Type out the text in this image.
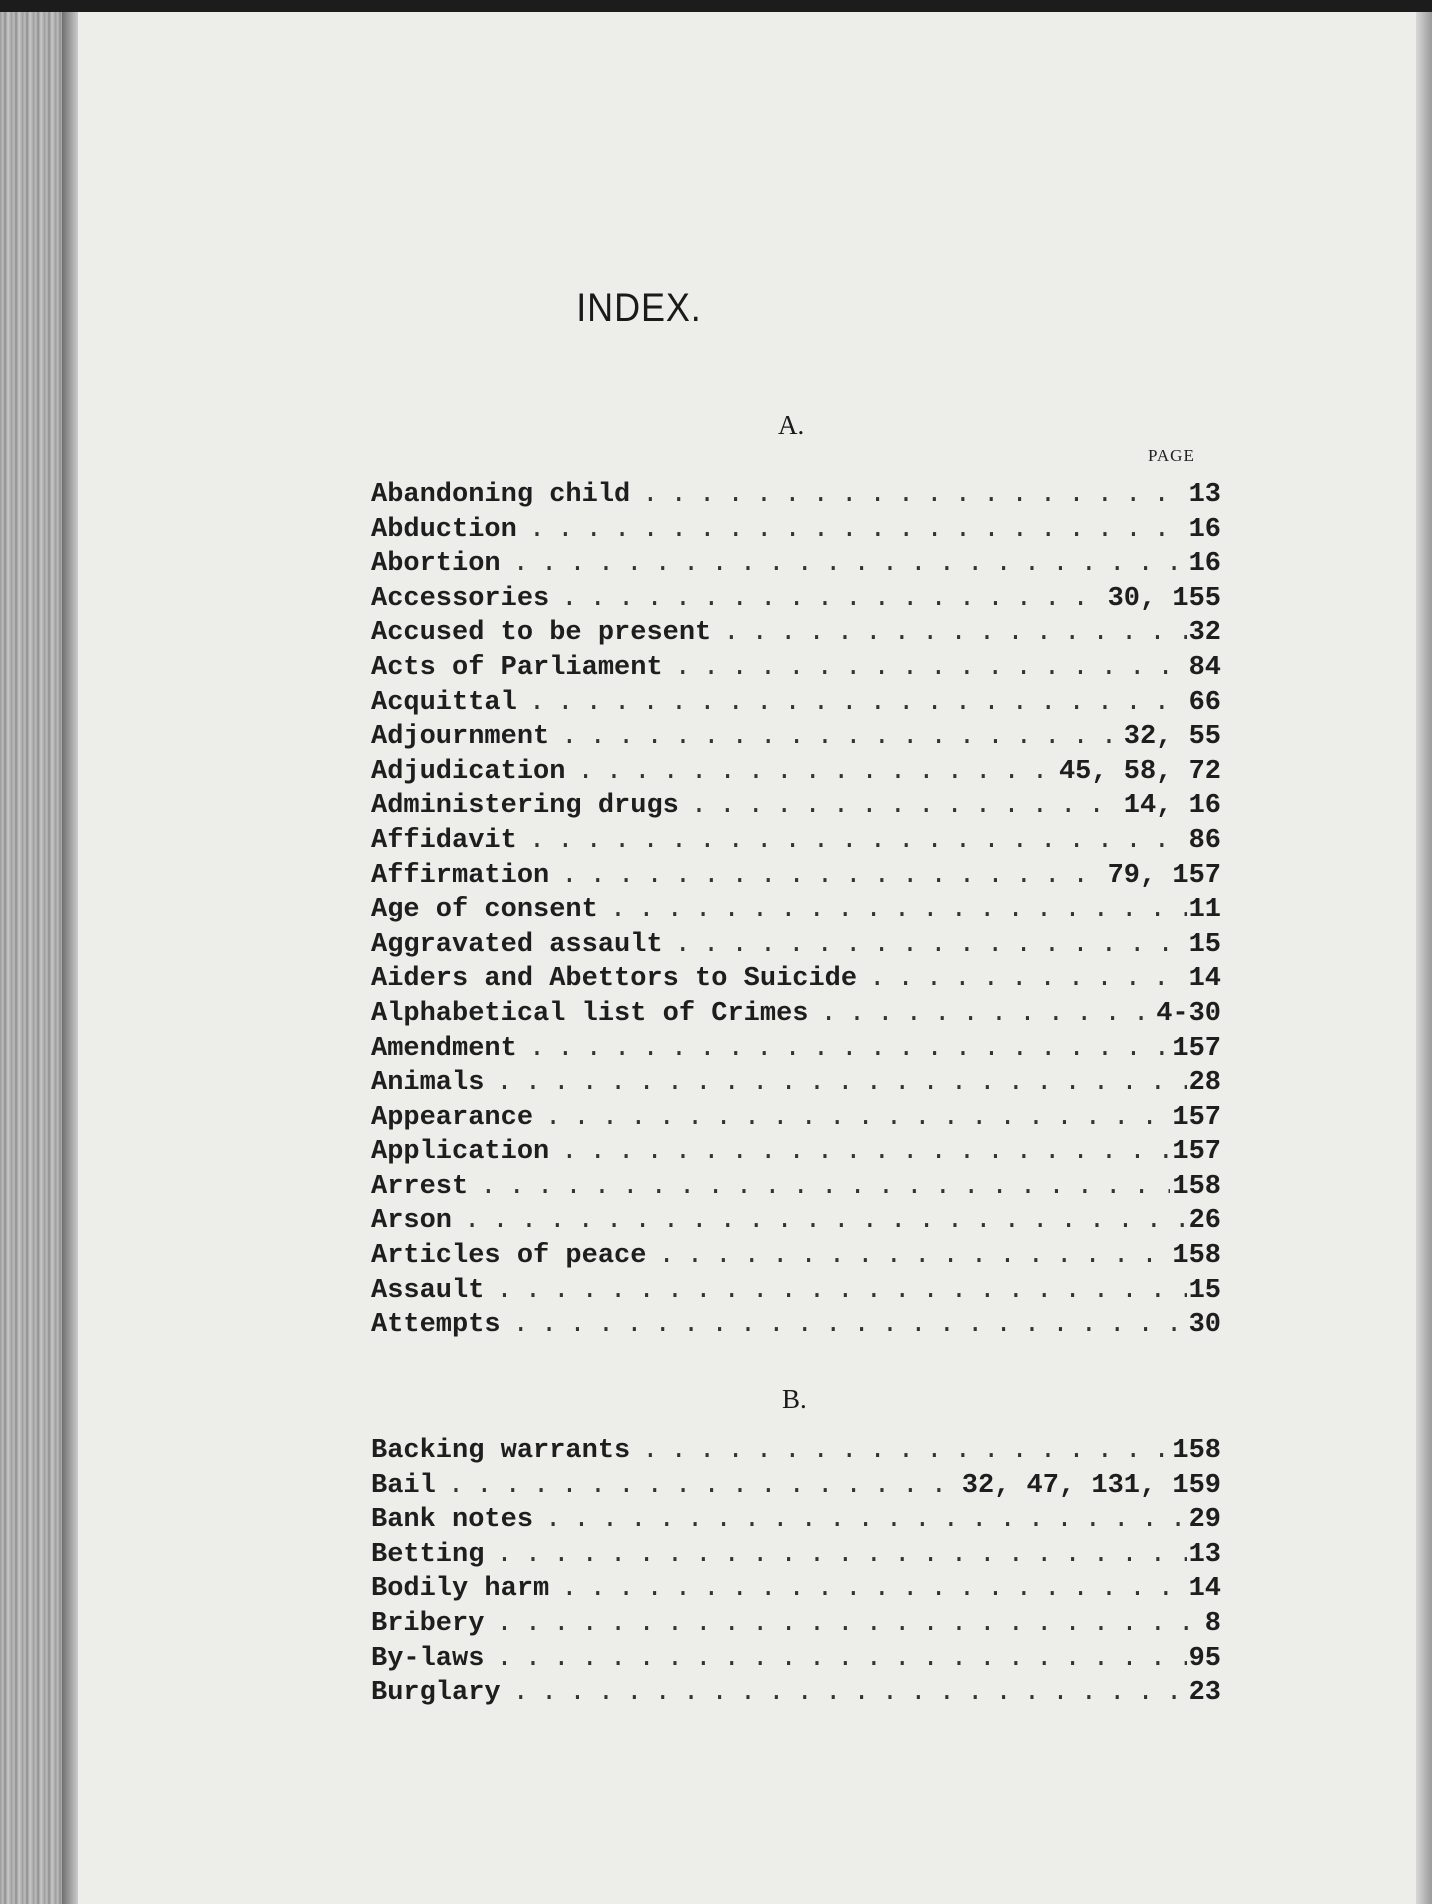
INDEX.
A.
PAGE
Abandoning child . . .	13
Abduction . . .	16
Abortion . . .	16
Accessories . . .	30, 155
Accused to be present . . .	32
Acts of Parliament . . .	84
Acquittal . . .	66
Adjournment . . .	32, 55
Adjudication . . .	45, 58, 72
Administering drugs . . .	14, 16
Affidavit . . .	86
Affirmation . . .	79, 157
Age of consent . . .	11
Aggravated assault . . .	15
Aiders and Abettors to Suicide . . .	14
Alphabetical list of Crimes . . .	4-30
Amendment . . .	157
Animals . . .	28
Appearance . . .	157
Application . . .	157
Arrest . . .	158
Arson . . .	26
Articles of peace . . .	158
Assault . . .	15
Attempts . . .	30
B.
Backing warrants . . .	158
Bail . . .	32, 47, 131, 159
Bank notes . . .	29
Betting . . .	13
Bodily harm . . .	14
Bribery . . .	8
By-laws . . .	95
Burglary . . .	23
